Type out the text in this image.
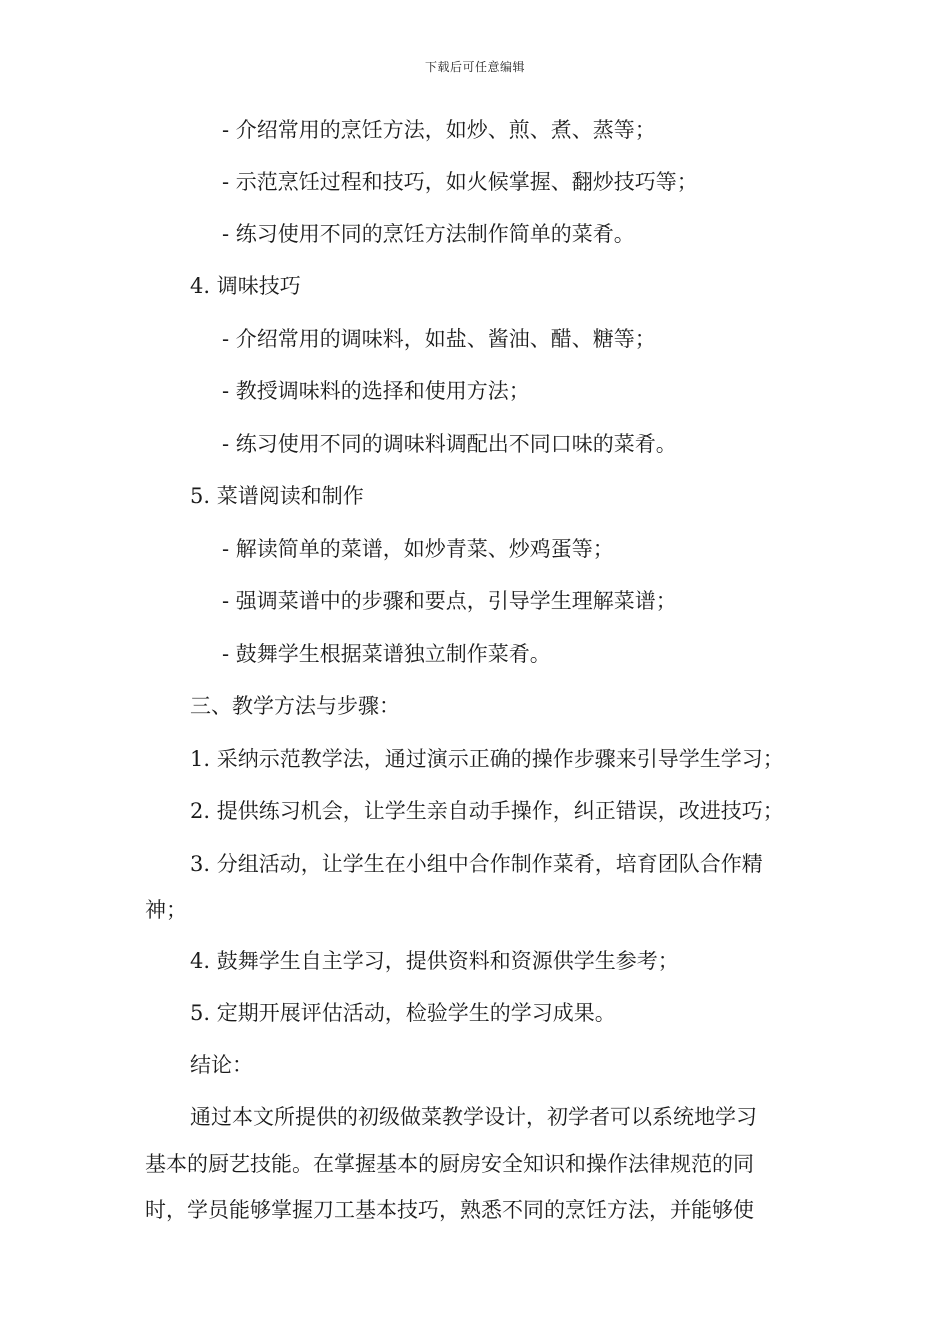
下载后可任意编辑
- 介绍常用的烹饪方法，如炒、煎、煮、蒸等；
- 示范烹饪过程和技巧，如火候掌握、翻炒技巧等；
- 练习使用不同的烹饪方法制作简单的菜肴。
4. 调味技巧
- 介绍常用的调味料，如盐、酱油、醋、糖等；
- 教授调味料的选择和使用方法；
- 练习使用不同的调味料调配出不同口味的菜肴。
5. 菜谱阅读和制作
- 解读简单的菜谱，如炒青菜、炒鸡蛋等；
- 强调菜谱中的步骤和要点，引导学生理解菜谱；
- 鼓舞学生根据菜谱独立制作菜肴。
三、教学方法与步骤：
1. 采纳示范教学法，通过演示正确的操作步骤来引导学生学习；
2. 提供练习机会，让学生亲自动手操作，纠正错误，改进技巧；
3. 分组活动，让学生在小组中合作制作菜肴，培育团队合作精
神；
4. 鼓舞学生自主学习，提供资料和资源供学生参考；
5. 定期开展评估活动，检验学生的学习成果。
结论：
通过本文所提供的初级做菜教学设计，初学者可以系统地学习
基本的厨艺技能。在掌握基本的厨房安全知识和操作法律规范的同
时，学员能够掌握刀工基本技巧，熟悉不同的烹饪方法，并能够使
